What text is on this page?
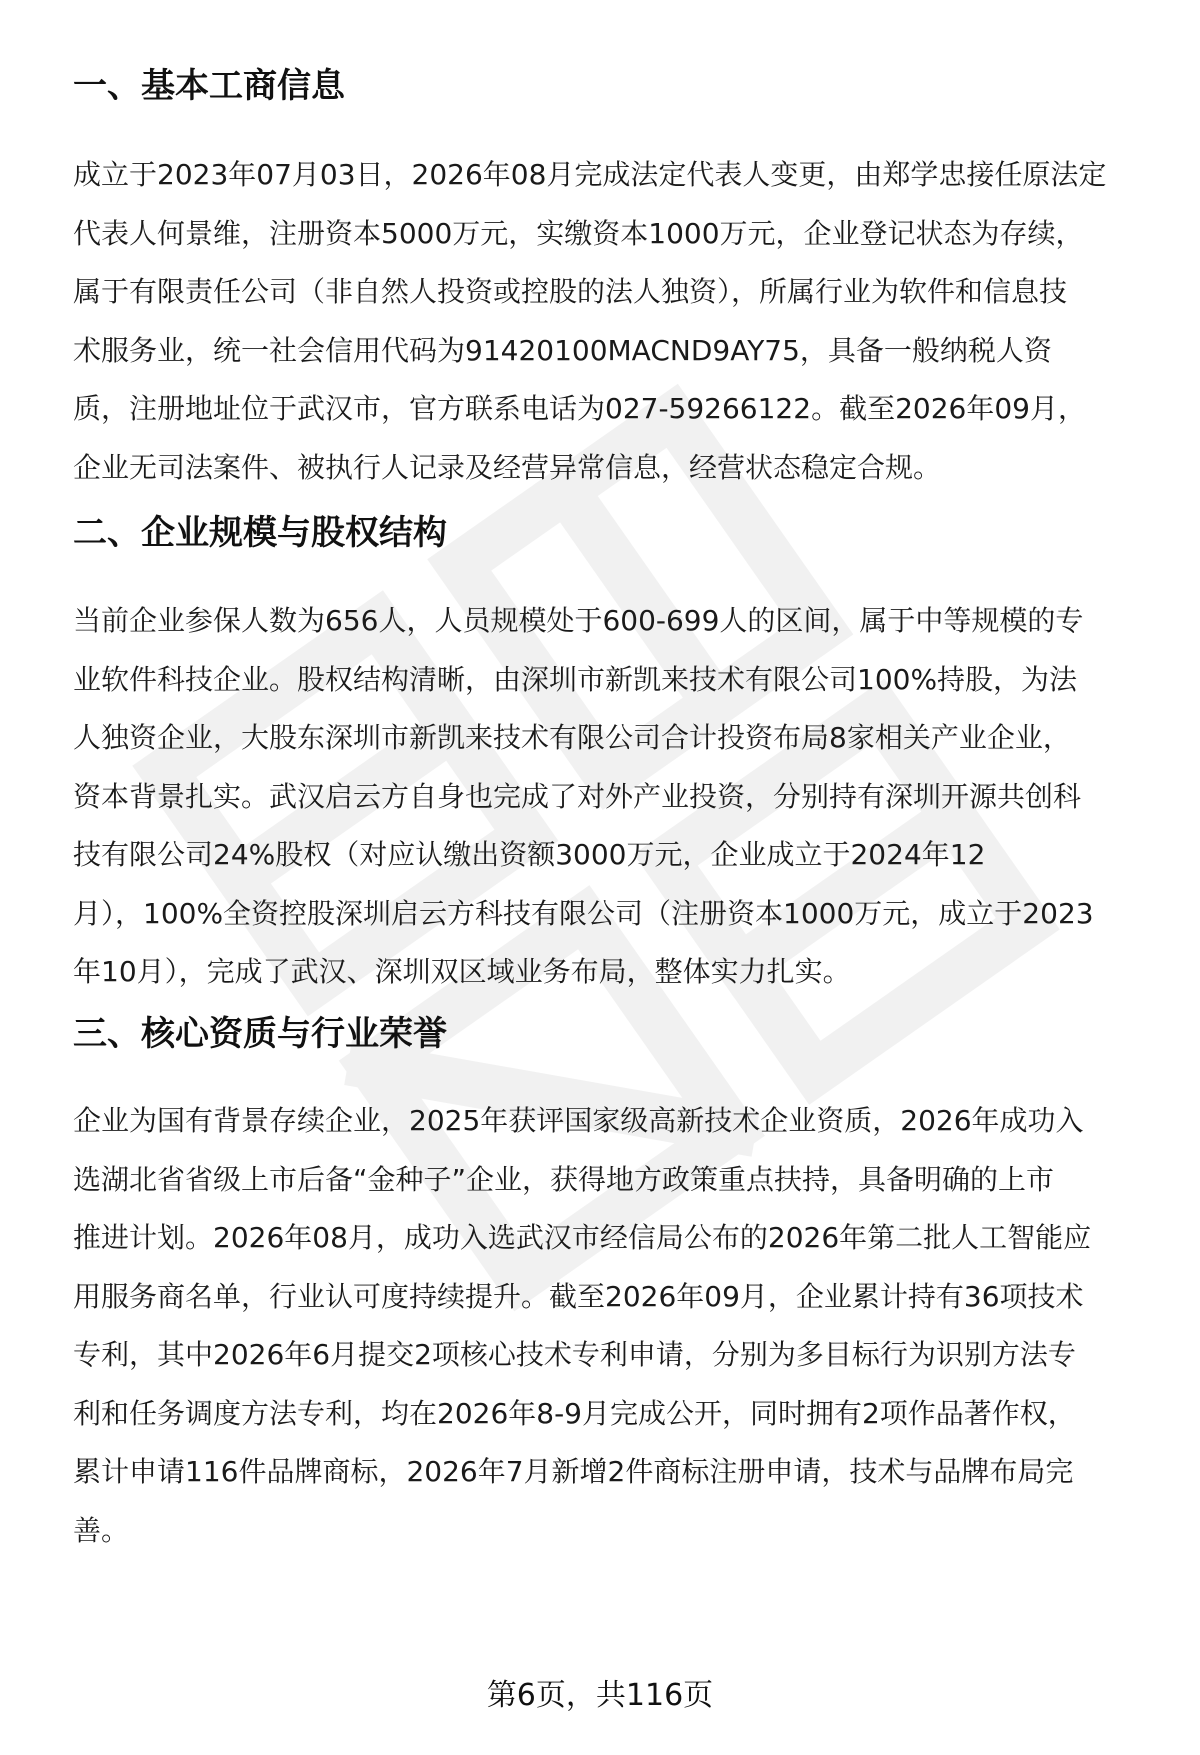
一、基本工商信息
成立于2023年07月03日，2026年08月完成法定代表人变更，由郑学忠接任原法定
代表人何景维，注册资本5000万元，实缴资本1000万元，企业登记状态为存续，
属于有限责任公司（非自然人投资或控股的法人独资），所属行业为软件和信息技
术服务业，统一社会信用代码为91420100MACND9AY75，具备一般纳税人资
质，注册地址位于武汉市，官方联系电话为027-59266122。截至2026年09月，
企业无司法案件、被执行人记录及经营异常信息，经营状态稳定合规。
二、企业规模与股权结构
当前企业参保人数为656人，人员规模处于600-699人的区间，属于中等规模的专
业软件科技企业。股权结构清晰，由深圳市新凯来技术有限公司100%持股，为法
人独资企业，大股东深圳市新凯来技术有限公司合计投资布局8家相关产业企业，
资本背景扎实。武汉启云方自身也完成了对外产业投资，分别持有深圳开源共创科
技有限公司24%股权（对应认缴出资额3000万元，企业成立于2024年12
月），100%全资控股深圳启云方科技有限公司（注册资本1000万元，成立于2023
年10月），完成了武汉、深圳双区域业务布局，整体实力扎实。
三、核心资质与行业荣誉
企业为国有背景存续企业，2025年获评国家级高新技术企业资质，2026年成功入
选湖北省省级上市后备“金种子”企业，获得地方政策重点扶持，具备明确的上市
推进计划。2026年08月，成功入选武汉市经信局公布的2026年第二批人工智能应
用服务商名单，行业认可度持续提升。截至2026年09月，企业累计持有36项技术
专利，其中2026年6月提交2项核心技术专利申请，分别为多目标行为识别方法专
利和任务调度方法专利，均在2026年8-9月完成公开，同时拥有2项作品著作权，
累计申请116件品牌商标，2026年7月新增2件商标注册申请，技术与品牌布局完
善。
第6页，共116页
